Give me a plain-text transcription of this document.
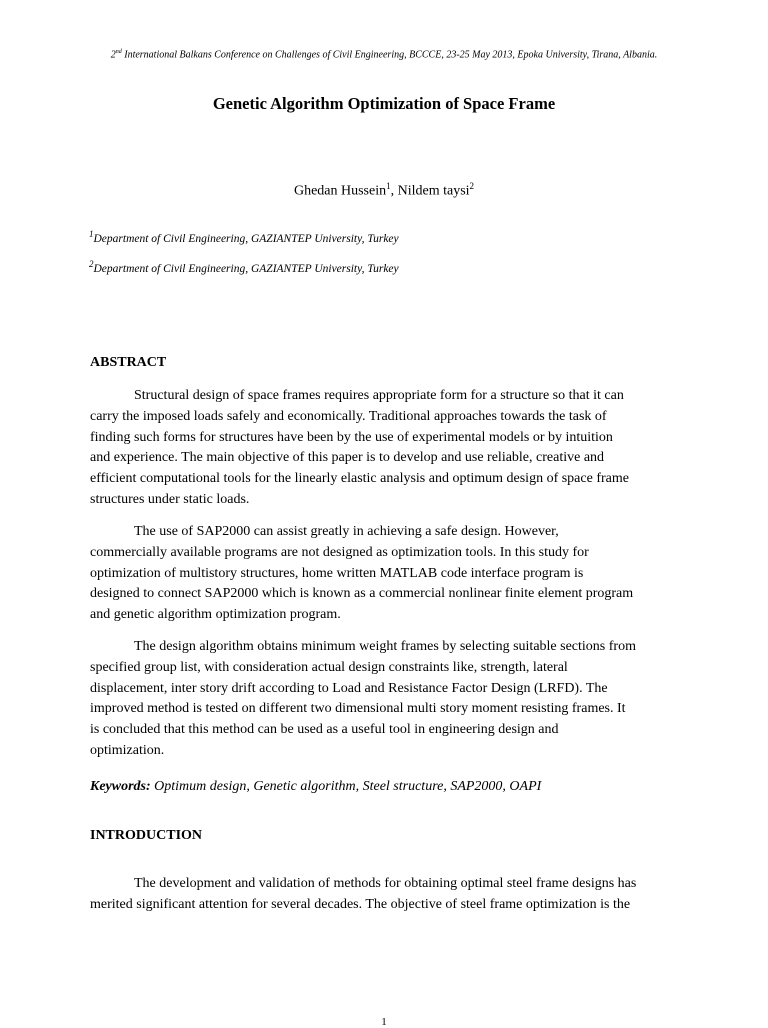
2nd International Balkans Conference on Challenges of Civil Engineering, BCCCE, 23-25 May 2013, Epoka University, Tirana, Albania.
Genetic Algorithm Optimization of Space Frame
Ghedan Hussein$^1$, Nildem taysi$^2$
$^1$Department of Civil Engineering, GAZIANTEP University, Turkey
$^2$Department of Civil Engineering, GAZIANTEP University, Turkey
ABSTRACT

Structural design of space frames requires appropriate form for a structure so that it can
carry the imposed loads safely and economically. Traditional approaches towards the task of
finding such forms for structures have been by the use of experimental models or by intuition
and experience. The main objective of this paper is to develop and use reliable, creative and
efficient computational tools for the linearly elastic analysis and optimum design of space frame
structures under static loads.

The use of SAP2000 can assist greatly in achieving a safe design. However,
commercially available programs are not designed as optimization tools. In this study for
optimization of multistory structures, home written MATLAB code interface program is
designed to connect SAP2000 which is known as a commercial nonlinear finite element program
and genetic algorithm optimization program.

The design algorithm obtains minimum weight frames by selecting suitable sections from
specified group list, with consideration actual design constraints like, strength, lateral
displacement, inter story drift according to Load and Resistance Factor Design (LRFD). The
improved method is tested on different two dimensional multi story moment resisting frames. It
is concluded that this method can be used as a useful tool in engineering design and
optimization.

Keywords: Optimum design, Genetic algorithm, Steel structure, SAP2000, OAPI
INTRODUCTION

The development and validation of methods for obtaining optimal steel frame designs has
merited significant attention for several decades. The objective of steel frame optimization is the

1
